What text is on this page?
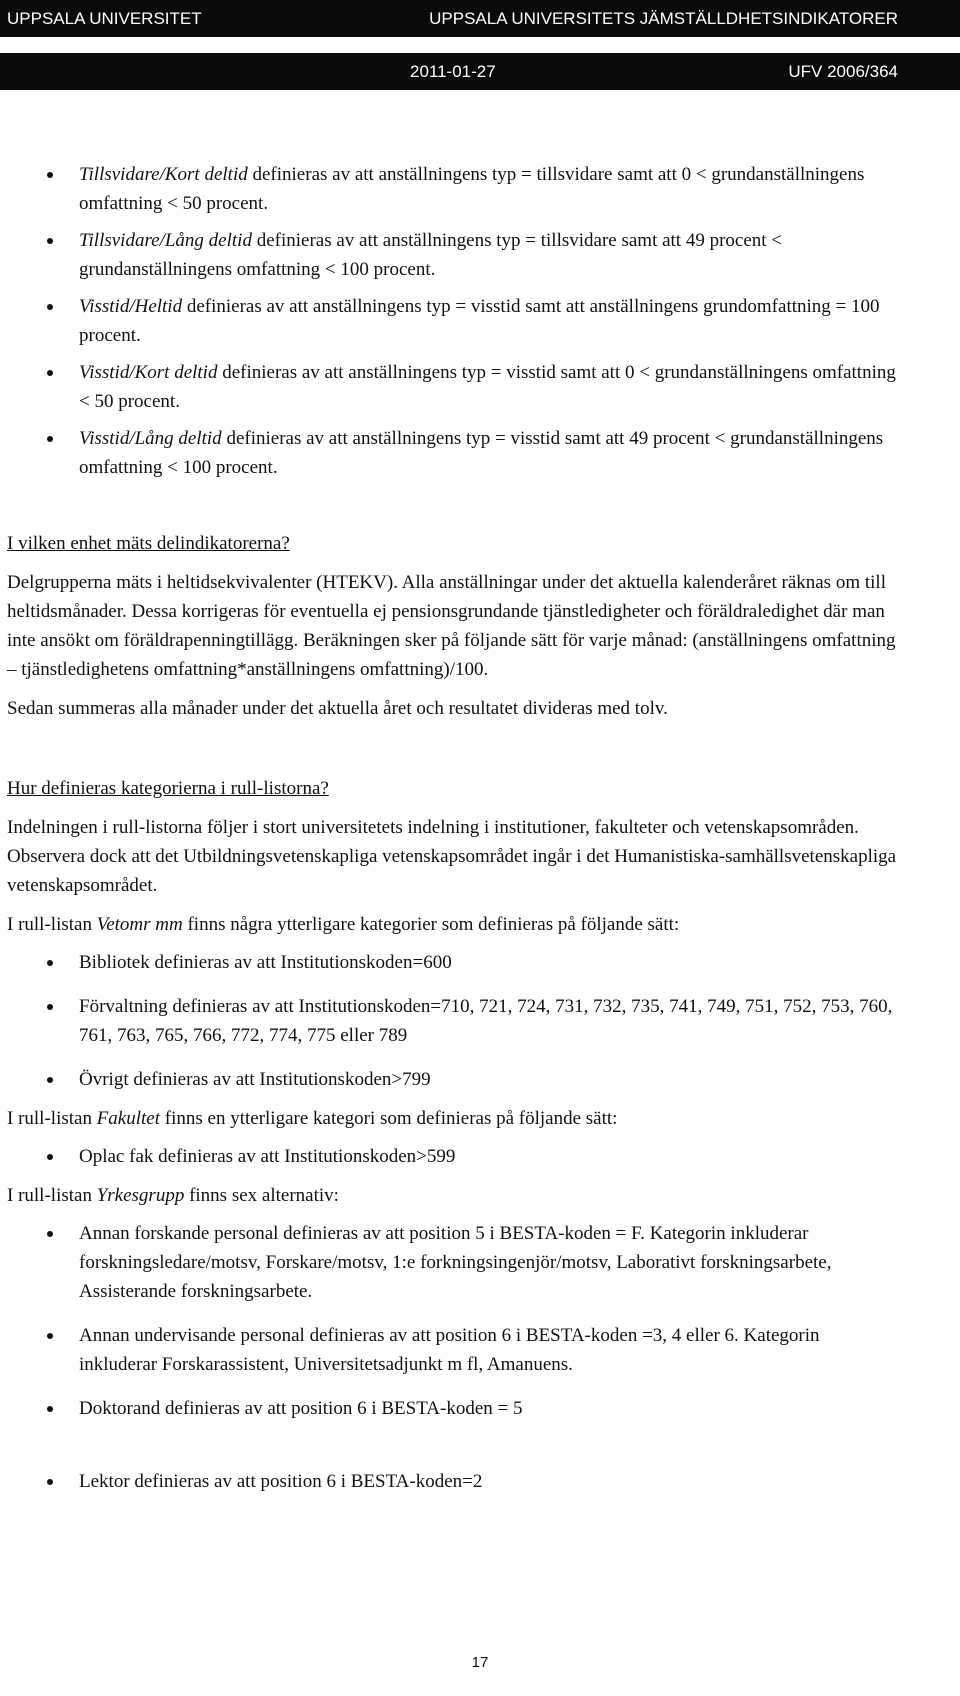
UPPSALA UNIVERSITET	UPPSALA UNIVERSITETS JÄMSTÄLLDHETSINDIKATORER
2011-01-27	UFV 2006/364
Tillsvidare/Kort deltid definieras av att anställningens typ = tillsvidare samt att 0 < grundanställningens omfattning < 50 procent.
Tillsvidare/Lång deltid definieras av att anställningens typ = tillsvidare samt att 49 procent < grundanställningens omfattning < 100 procent.
Visstid/Heltid definieras av att anställningens typ = visstid samt att anställningens grundomfattning = 100 procent.
Visstid/Kort deltid definieras av att anställningens typ = visstid samt att 0 < grundanställningens omfattning < 50 procent.
Visstid/Lång deltid definieras av att anställningens typ = visstid samt att 49 procent < grundanställningens omfattning < 100 procent.

I vilken enhet mäts delindikatorerna?

Delgrupperna mäts i heltidsekvivalenter (HTEKV). Alla anställningar under det aktuella kalenderåret räknas om till heltidsmånader. Dessa korrigeras för eventuella ej pensionsgrundande tjänstledigheter och föräldraledighet där man inte ansökt om föräldrapenningtillägg. Beräkningen sker på följande sätt för varje månad: (anställningens omfattning – tjänstledighetens omfattning*anställningens omfattning)/100.

Sedan summeras alla månader under det aktuella året och resultatet divideras med tolv.

Hur definieras kategorierna i rull-listorna?

Indelningen i rull-listorna följer i stort universitetets indelning i institutioner, fakulteter och vetenskapsområden. Observera dock att det Utbildningsvetenskapliga vetenskapsområdet ingår i det Humanistiska-samhällsvetenskapliga vetenskapsområdet.

I rull-listan Vetomr mm finns några ytterligare kategorier som definieras på följande sätt:

Bibliotek definieras av att Institutionskoden=600
Förvaltning definieras av att Institutionskoden=710, 721, 724, 731, 732, 735, 741, 749, 751, 752, 753, 760, 761, 763, 765, 766, 772, 774, 775 eller 789
Övrigt definieras av att Institutionskoden>799

I rull-listan Fakultet finns en ytterligare kategori som definieras på följande sätt:

Oplac fak definieras av att Institutionskoden>599

I rull-listan Yrkesgrupp finns sex alternativ:

Annan forskande personal definieras av att position 5 i BESTA-koden = F. Kategorin inkluderar forskningsledare/motsv, Forskare/motsv, 1:e forkningsingenjör/motsv, Laborativt forskningsarbete, Assisterande forskningsarbete.
Annan undervisande personal definieras av att position 6 i BESTA-koden =3, 4 eller 6. Kategorin inkluderar Forskarassistent, Universitetsadjunkt m fl, Amanuens.
Doktorand definieras av att position 6 i BESTA-koden = 5
Lektor definieras av att position 6 i BESTA-koden=2
17
